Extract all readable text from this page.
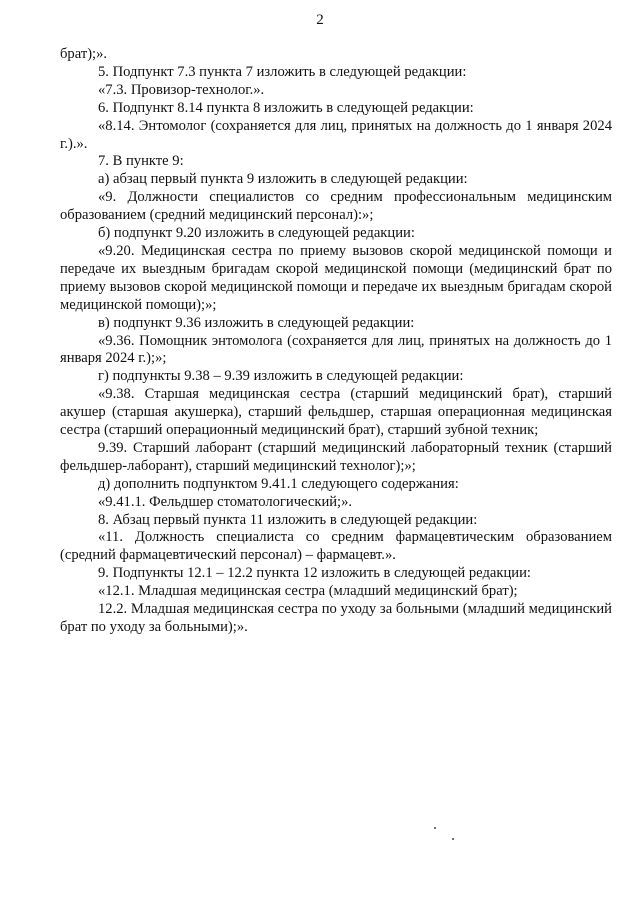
2

брат);».

5. Подпункт 7.3 пункта 7 изложить в следующей редакции:

«7.3. Провизор-технолог.».

6. Подпункт 8.14 пункта 8 изложить в следующей редакции:

«8.14. Энтомолог (сохраняется для лиц, принятых на должность до 1 января 2024 г.).».

7. В пункте 9:

а) абзац первый пункта 9 изложить в следующей редакции:

«9. Должности специалистов со средним профессиональным медицинским образованием (средний медицинский персонал):»;

б) подпункт 9.20 изложить в следующей редакции:

«9.20. Медицинская сестра по приему вызовов скорой медицинской помощи и передаче их выездным бригадам скорой медицинской помощи (медицинский брат по приему вызовов скорой медицинской помощи и передаче их выездным бригадам скорой медицинской помощи);»;

в) подпункт 9.36 изложить в следующей редакции:

«9.36. Помощник энтомолога (сохраняется для лиц, принятых на должность до 1 января 2024 г.);»;

г) подпункты 9.38 – 9.39 изложить в следующей редакции:

«9.38. Старшая медицинская сестра (старший медицинский брат), старший акушер (старшая акушерка), старший фельдшер, старшая операционная медицинская сестра (старший операционный медицинский брат), старший зубной техник;

9.39. Старший лаборант (старший медицинский лабораторный техник (старший фельдшер-лаборант), старший медицинский технолог);»;

д) дополнить подпунктом 9.41.1 следующего содержания:

«9.41.1. Фельдшер стоматологический;».

8. Абзац первый пункта 11 изложить в следующей редакции:

«11. Должность специалиста со средним фармацевтическим образованием (средний фармацевтический персонал) – фармацевт.».

9. Подпункты 12.1 – 12.2 пункта 12 изложить в следующей редакции:

«12.1. Младшая медицинская сестра (младший медицинский брат);

12.2. Младшая медицинская сестра по уходу за больными (младший медицинский брат по уходу за больными);».
